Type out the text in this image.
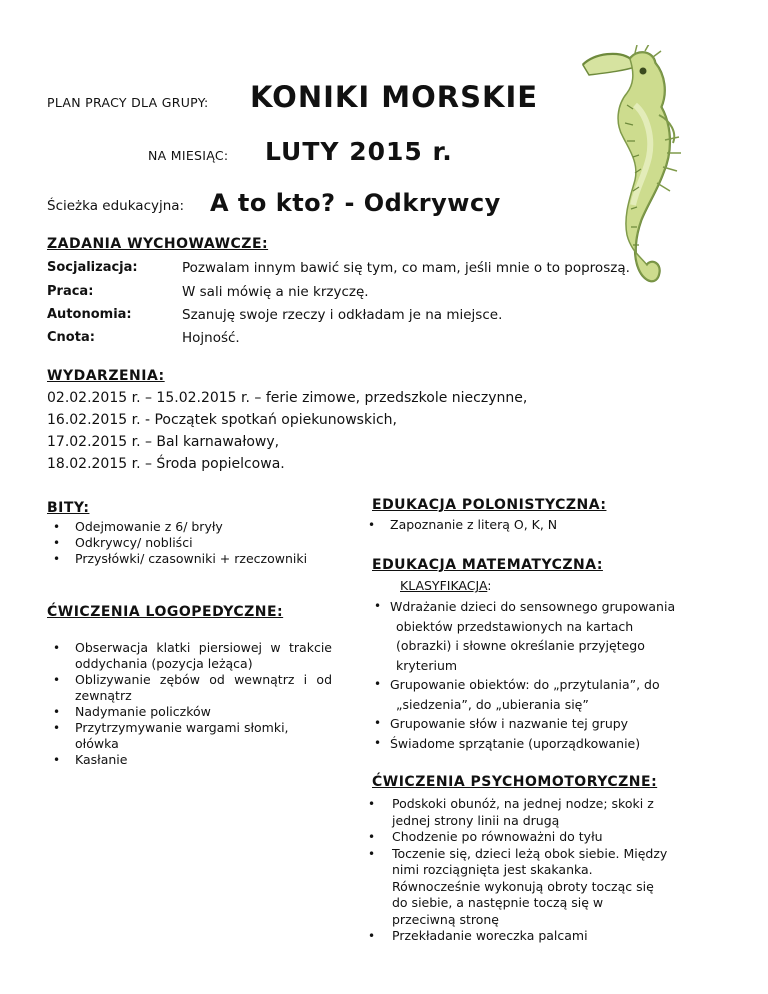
PLAN PRACY DLA GRUPY: KONIKI MORSKIE
NA MIESIĄC: LUTY 2015 r.
Ścieżka edukacyjna: A to kto? - Odkrywcy
ZADANIA WYCHOWAWCZE:
Socjalizacja:	Pozwalam innym bawić się tym, co mam, jeśli mnie o to poproszą.
Praca:	W sali mówię a nie krzyczę.
Autonomia:	Szanuję swoje rzeczy i odkładam je na miejsce.
Cnota:	Hojność.
WYDARZENIA:
02.02.2015 r. – 15.02.2015 r. – ferie zimowe, przedszkole nieczynne,
16.02.2015 r. - Początek spotkań opiekunowskich,
17.02.2015 r. – Bal karnawałowy,
18.02.2015 r. – Środa popielcowa.
BITY:
• Odejmowanie z 6/ bryły
• Odkrywcy/ nobliści
• Przysłówki/ czasowniki + rzeczowniki
EDUKACJA POLONISTYCZNA:
• Zapoznanie z literą O, K, N
EDUKACJA MATEMATYCZNA:
KLASYFIKACJA:
• Wdrażanie dzieci do sensownego grupowania
obiektów przedstawionych na kartach
(obrazki) i słowne określanie przyjętego
kryterium
• Grupowanie obiektów: do „przytulania”, do
„siedzenia”, do „ubierania się”
• Grupowanie słów i nazwanie tej grupy
• Świadome sprzątanie (uporządkowanie)
ĆWICZENIA LOGOPEDYCZNE:
• Obserwacja klatki piersiowej w trakcie oddychania (pozycja leżąca)
• Oblizywanie zębów od wewnątrz i od zewnątrz
• Nadymanie policzków
• Przytrzymywanie wargami słomki, ołówka
• Kasłanie
ĆWICZENIA PSYCHOMOTORYCZNE:
• Podskoki obunóż, na jednej nodze; skoki z jednej strony linii na drugą
• Chodzenie po równoważni do tyłu
• Toczenie się, dzieci leżą obok siebie. Między nimi rozciągnięta jest skakanka. Równocześnie wykonują obroty tocząc się do siebie, a następnie toczą się w przeciwną stronę
• Przekładanie woreczka palcami
